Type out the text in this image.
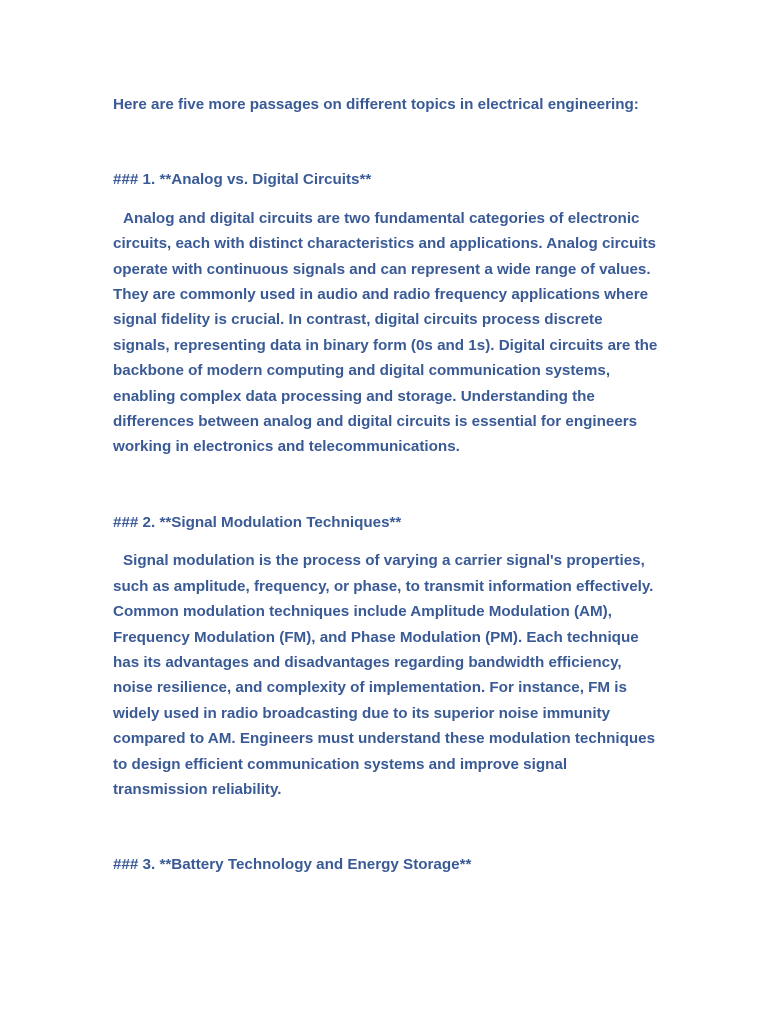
Here are five more passages on different topics in electrical engineering:

### 1. **Analog vs. Digital Circuits**

Analog and digital circuits are two fundamental categories of electronic circuits, each with distinct characteristics and applications. Analog circuits operate with continuous signals and can represent a wide range of values. They are commonly used in audio and radio frequency applications where signal fidelity is crucial. In contrast, digital circuits process discrete signals, representing data in binary form (0s and 1s). Digital circuits are the backbone of modern computing and digital communication systems, enabling complex data processing and storage. Understanding the differences between analog and digital circuits is essential for engineers working in electronics and telecommunications.

### 2. **Signal Modulation Techniques**

Signal modulation is the process of varying a carrier signal's properties, such as amplitude, frequency, or phase, to transmit information effectively. Common modulation techniques include Amplitude Modulation (AM), Frequency Modulation (FM), and Phase Modulation (PM). Each technique has its advantages and disadvantages regarding bandwidth efficiency, noise resilience, and complexity of implementation. For instance, FM is widely used in radio broadcasting due to its superior noise immunity compared to AM. Engineers must understand these modulation techniques to design efficient communication systems and improve signal transmission reliability.

### 3. **Battery Technology and Energy Storage**
